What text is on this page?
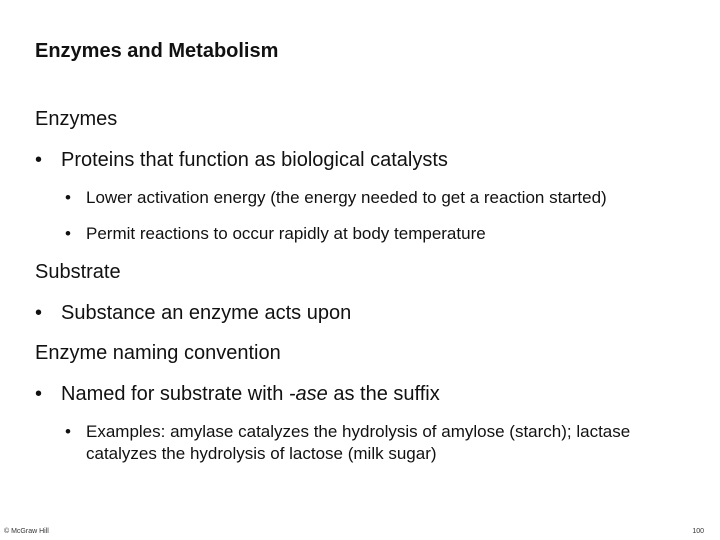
Enzymes and Metabolism
Enzymes
• Proteins that function as biological catalysts
• Lower activation energy (the energy needed to get a reaction started)
• Permit reactions to occur rapidly at body temperature
Substrate
• Substance an enzyme acts upon
Enzyme naming convention
• Named for substrate with -ase as the suffix
• Examples: amylase catalyzes the hydrolysis of amylose (starch); lactase catalyzes the hydrolysis of lactose (milk sugar)
© McGraw Hill	100
